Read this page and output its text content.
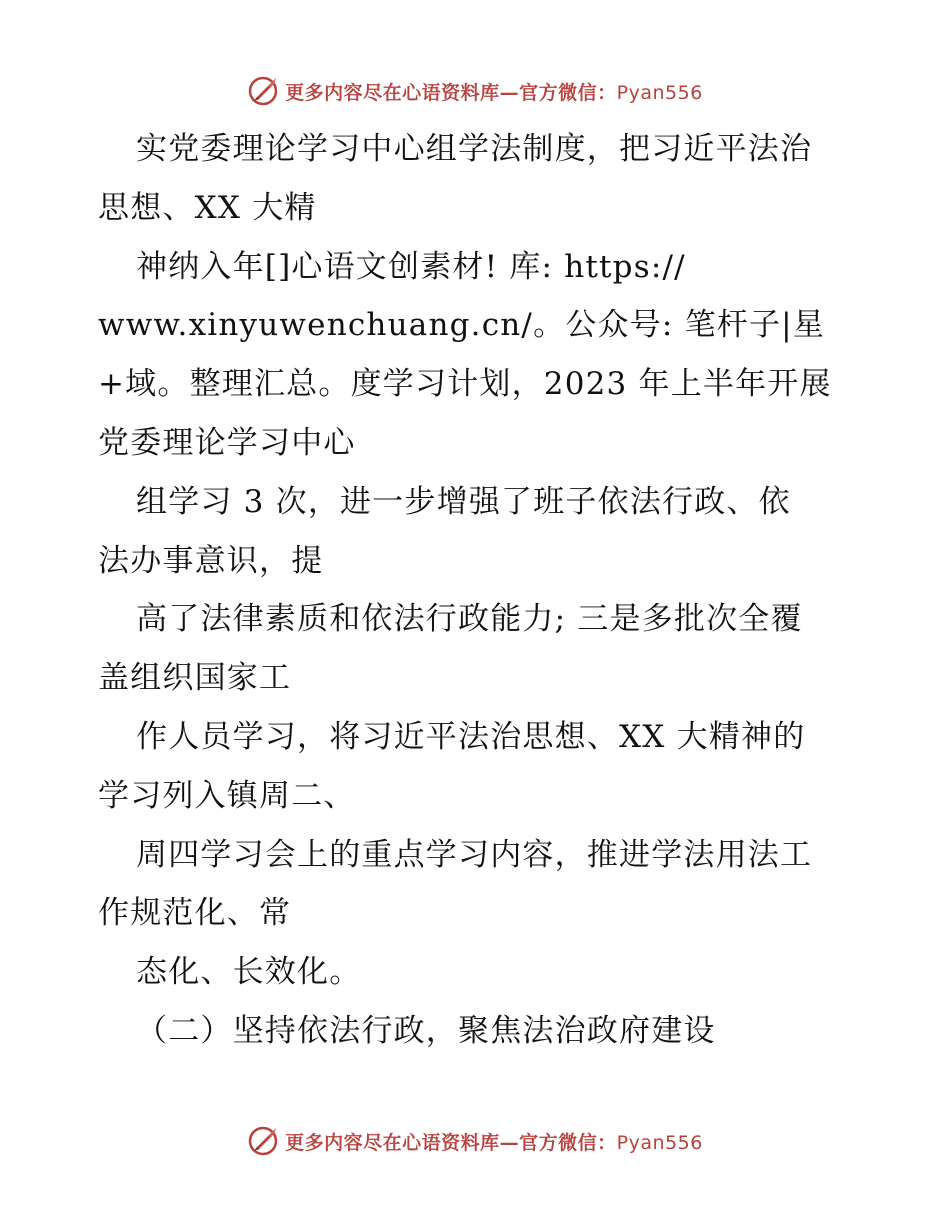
更多内容尽在心语资料库—官方微信：Pyan556
实党委理论学习中心组学法制度，把习近平法治
思想、XX 大精
神纳入年[]心语文创素材! 库: https://
www.xinyuwenchuang.cn/。公众号: 笔杆子|星
+域。整理汇总。度学习计划，2023 年上半年开展
党委理论学习中心
组学习 3 次，进一步增强了班子依法行政、依
法办事意识，提
高了法律素质和依法行政能力; 三是多批次全覆
盖组织国家工
作人员学习，将习近平法治思想、XX 大精神的
学习列入镇周二、
周四学习会上的重点学习内容，推进学法用法工
作规范化、常
态化、长效化。
（二）坚持依法行政，聚焦法治政府建设
更多内容尽在心语资料库—官方微信：Pyan556
